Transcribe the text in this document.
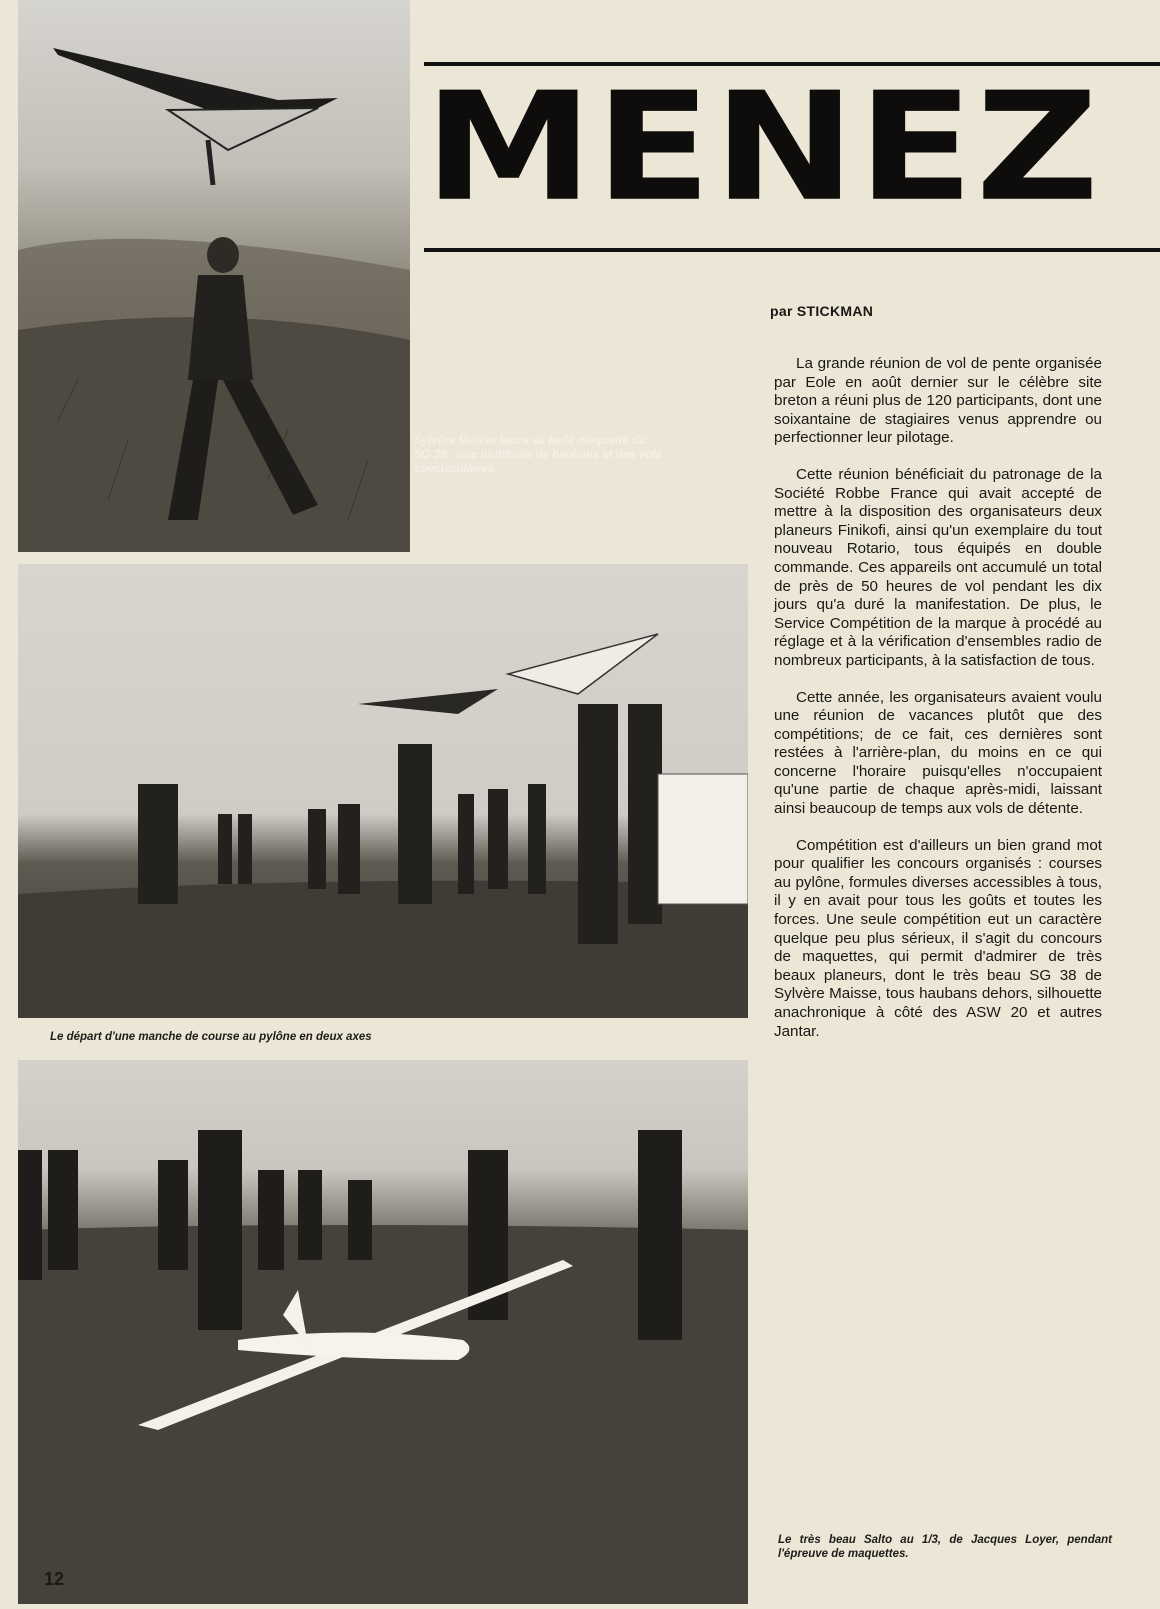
Sylvère Maisse lance sa belle maquette du SG 38 : une multitude de haubans et des vols spectaculaires
Le départ d'une manche de course au pylône en deux axes
Le très beau Salto au 1/3, de Jacques Loyer, pendant l'épreuve de maquettes.
MENEZ
par STICKMAN

La grande réunion de vol de pente organisée par Eole en août dernier sur le célèbre site breton a réuni plus de 120 participants, dont une soixantaine de stagiaires venus apprendre ou perfectionner leur pilotage.

Cette réunion bénéficiait du patronage de la Société Robbe France qui avait accepté de mettre à la disposition des organisateurs deux planeurs Finikofi, ainsi qu'un exemplaire du tout nouveau Rotario, tous équipés en double commande. Ces appareils ont accumulé un total de près de 50 heures de vol pendant les dix jours qu'a duré la manifestation. De plus, le Service Compétition de la marque à procédé au réglage et à la vérification d'ensembles radio de nombreux participants, à la satisfaction de tous.

Cette année, les organisateurs avaient voulu une réunion de vacances plutôt que des compétitions; de ce fait, ces dernières sont restées à l'arrière-plan, du moins en ce qui concerne l'horaire puisqu'elles n'occupaient qu'une partie de chaque après-midi, laissant ainsi beaucoup de temps aux vols de détente.

Compétition est d'ailleurs un bien grand mot pour qualifier les concours organisés : courses au pylône, formules diverses accessibles à tous, il y en avait pour tous les goûts et toutes les forces. Une seule compétition eut un caractère quelque peu plus sérieux, il s'agit du concours de maquettes, qui permit d'admirer de très beaux planeurs, dont le très beau SG 38 de Sylvère Maisse, tous haubans dehors, silhouette anachronique à côté des ASW 20 et autres Jantar.

12
